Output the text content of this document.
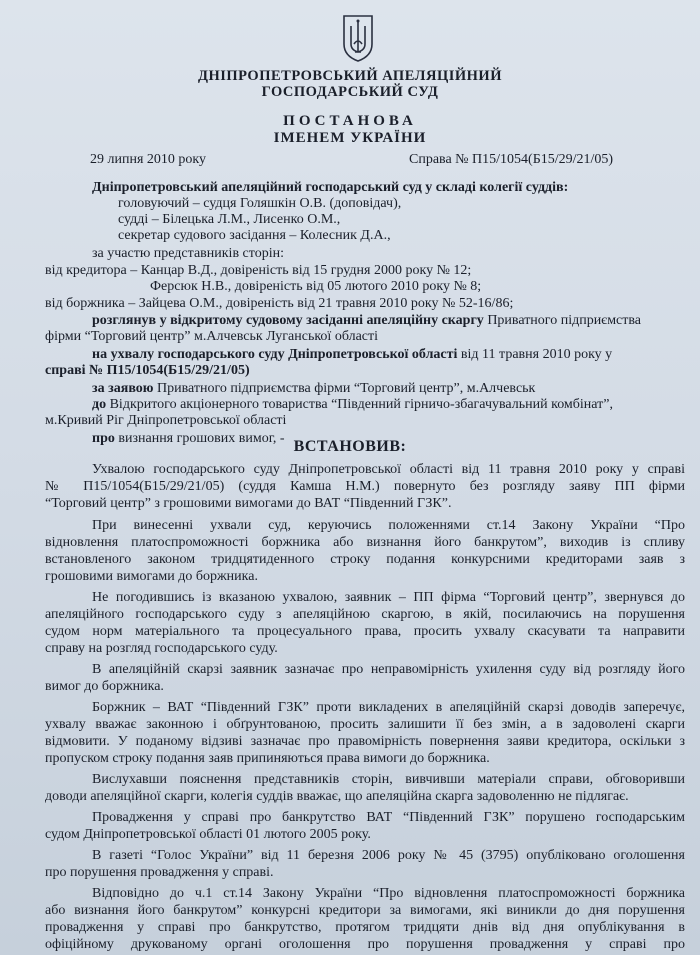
ДНІПРОПЕТРОВСЬКИЙ АПЕЛЯЦІЙНИЙ
ГОСПОДАРСЬКИЙ СУД
ПОСТАНОВА
ІМЕНЕМ УКРАЇНИ
29 липня 2010 року	Справа № П15/1054(Б15/29/21/05)
Дніпропетровський апеляційний господарський суд у складі колегії суддів:
головуючий – судця Голяшкін О.В. (доповідач),
судді – Білецька Л.М., Лисенко О.М.,
секретар судового засідання – Колесник Д.А.,
за участю представників сторін:
від кредитора – Канцар В.Д., довіреність від 15 грудня 2000 року № 12;
Ферсюк Н.В., довіреність від 05 лютого 2010 року № 8;
від боржника – Зайцева О.М., довіреність від 21 травня 2010 року № 52-16/86;
розглянув у відкритому судовому засіданні апеляційну скаргу Приватного підприємства
фірми “Торговий центр” м.Алчевськ Луганської області
на ухвалу господарського суду Дніпропетровської області від 11 травня 2010 року у
справі № П15/1054(Б15/29/21/05)
за заявою Приватного підприємства фірми “Торговий центр”, м.Алчевськ
до Відкритого акціонерного товариства “Південний гірничо-збагачувальний комбінат”,
м.Кривий Ріг Дніпропетровської області
про визнання грошових вимог, - ВСТАНОВИВ:
Ухвалою господарського суду Дніпропетровської області від 11 травня 2010 року у справі
№ П15/1054(Б15/29/21/05) (суддя Камша Н.М.) повернуто без розгляду заяву ПП фірми
“Торговий центр” з грошовими вимогами до ВАТ “Південний ГЗК”.
При винесенні ухвали суд, керуючись положеннями ст.14 Закону України “Про
відновлення платоспроможності боржника або визнання його банкрутом”, виходив із спливу
встановленого законом тридцятиденного строку подання конкурсними кредиторами заяв з
грошовими вимогами до боржника.
Не погодившись із вказаною ухвалою, заявник – ПП фірма “Торговий центр”, звернувся до
апеляційного господарського суду з апеляційною скаргою, в якій, посилаючись на порушення
судом норм матеріального та процесуального права, просить ухвалу скасувати та направити
справу на розгляд господарського суду.
В апеляційній скарзі заявник зазначає про неправомірність ухилення суду від розгляду його
вимог до боржника.
Боржник – ВАТ “Південний ГЗК” проти викладених в апеляційній скарзі доводів заперечує,
ухвалу вважає законною і обґрунтованою, просить залишити її без змін, а в задоволені скарги
відмовити. У поданому відзиві зазначає про правомірність повернення заяви кредитора, оскільки з
пропуском строку подання заяв припиняються права вимоги до боржника.
Вислухавши пояснення представників сторін, вивчивши матеріали справи, обговоривши
доводи апеляційної скарги, колегія суддів вважає, що апеляційна скарга задоволенню не підлягає.
Провадження у справі про банкрутство ВАТ “Південний ГЗК” порушено господарським
судом Дніпропетровської області 01 лютого 2005 року.
В газеті “Голос України” від 11 березня 2006 року № 45 (3795) опубліковано оголошення
про порушення провадження у справі.
Відповідно до ч.1 ст.14 Закону України “Про відновлення платоспроможності боржника
або визнання його банкрутом” конкурсні кредитори за вимогами, які виникли до дня порушення
провадження у справі про банкрутство, протягом тридцяти днів від дня опублікування в
офіційному друкованому органі оголошення про порушення провадження у справі про
